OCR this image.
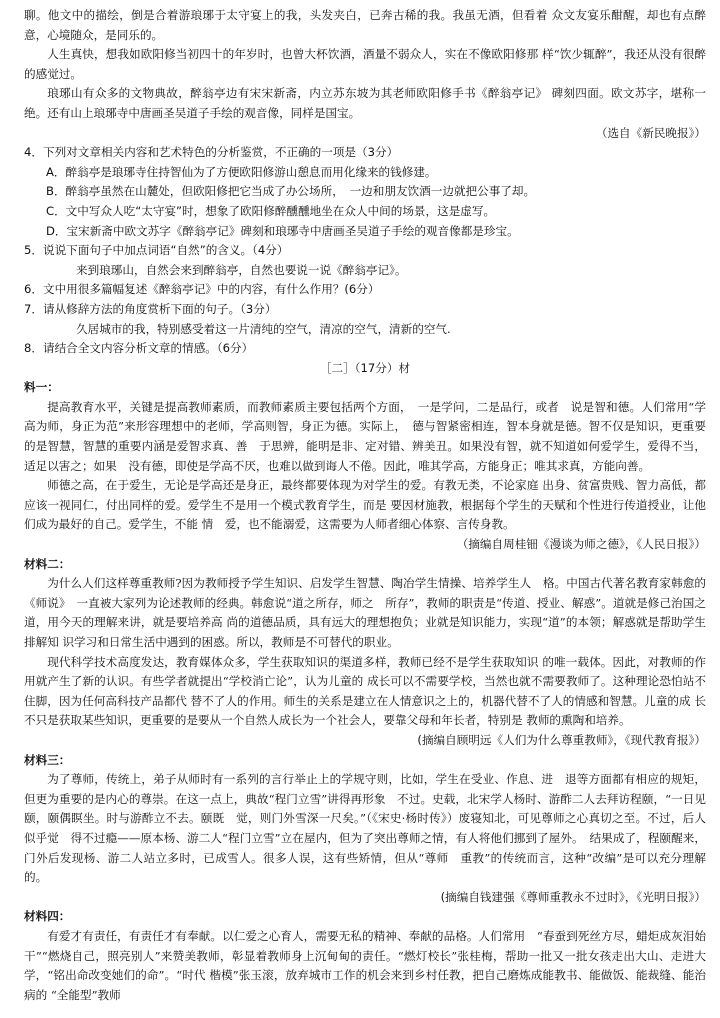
聊。他文中的描绘，倒是合着游琅琊于太守宴上的我，头发夹白，已奔古稀的我。我虽无酒，但看着 众文友宴乐酣醒，却也有点醉意，心境随众，是同乐的。

人生真快，想我如欧阳修当初四十的年岁时，也曾大杯饮酒，酒量不弱众人，实在不像欧阳修那 样“饮少辄醉”，我还从没有很醉的感觉过。

琅琊山有众多的文物典故，醉翁亭边有宋宋新斋，内立苏东坡为其老师欧阳修手书《醉翁亭记》 碑刻四面。欧文苏字，堪称一绝。还有山上琅琊寺中唐画圣吴道子手绘的观音像，同样是国宝。

（选自《新民晚报》）

4．下列对文章相关内容和艺术特色的分析鉴赏，不正确的一项是（3分）

A．醉翁亭是琅琊寺住持智仙为了方便欧阳修游山憩息而用化缘来的钱修建。

B．醉翁亭虽然在山麓处，但欧阳修把它当成了办公场所，　一边和朋友饮酒一边就把公事了却。

C．文中写众人吃“太守宴”时，想象了欧阳修醉醺醺地坐在众人中间的场景，这是虚写。

D．宝宋新斋中欧文苏字《醉翁亭记》碑刻和琅琊寺中唐画圣吴道子手绘的观音像都是珍宝。

5．说说下面句子中加点词语“自然”的含义。（4分）

来到琅琊山，自然会来到醉翁亭，自然也要说一说《醉翁亭记》。

6．文中用很多篇幅复述《醉翁亭记》中的内容，有什么作用？(6分）

7．请从修辞方法的角度赏析下面的句子。（3分）

久居城市的我，特别感受着这一片清纯的空气，清凉的空气，清新的空气.

8．请结合全文内容分析文章的情感。（6分）

［二］（17分）材

料一：

提高教育水平，关键是提高教师素质，而教师素质主要包括两个方面，　一是学问，二是品行，或者　说是智和德。人们常用“学高为师，身正为范”来形容理想中的老师，学高则智，身正为德。实际上，　德与智紧密相连，智本身就是德。智不仅是知识，更重要的是智慧，智慧的重要内涵是爱智求真、善　于思辨，能明是非、定对错、辨美丑。如果没有智，就不知道如何爱学生，爱得不当，适足以害之；如果　没有德，即使是学高不厌，也难以做到诲人不倦。因此，唯其学高，方能身正；唯其求真，方能向善。

师德之高，在于爱生，无论是学高还是身正，最终都要体现为对学生的爱。有教无类，不论家庭 出身、贫富贵贱、智力高低，都应该一视同仁，付出同样的爱。爱学生不是用一个模式教育学生，而是 要因材施教，根据每个学生的天赋和个性进行传道授业，让他们成为最好的自己。爱学生，不能 情　爱，也不能溺爱，这需要为人师者细心体察、言传身教。

（摘编自周桂钿《漫谈为师之德》，《人民日报》）

材料二：

为什么人们这样尊重教师?因为教师授予学生知识、启发学生智慧、陶冶学生情操、培养学生人　格。中国古代著名教育家韩愈的《师说》　一直被大家列为论述教师的经典。韩愈说“道之所存，师之　所存”，教师的职责是“传道、授业、解惑”。道就是修己治国之道，用今天的理解来讲，就是要培养高 尚的道德品质，具有远大的理想抱负；业就是知识能力，实现“道”的本领；解惑就是帮助学生排解知 识学习和日常生活中遇到的困惑。所以，教师是不可替代的职业。

现代科学技术高度发达，教育媒体众多，学生获取知识的渠道多样，教师已经不是学生获取知识 的唯一载体。因此，对教师的作用就产生了新的认识。有些学者就提出“学校消亡论”，认为儿童的 成长可以不需要学校，当然也就不需要教师了。这种理论恐怕站不住脚，因为任何高科技产品都代 替不了人的作用。师生的关系是建立在人情意识之上的，机器代替不了人的情感和智慧。儿童的成 长不只是获取某些知识，更重要的是要从一个自然人成长为一个社会人，要靠父母和年长者，特别是 教师的熏陶和培养。

(摘编自顾明远《人们为什么尊重教师》，《现代教育报》）

材料三：

为了尊师，传统上，弟子从师时有一系列的言行举止上的学规守则，比如，学生在受业、作息、进　退等方面都有相应的规矩，但更为重要的是内心的尊崇。在这一点上，典故“程门立雪”讲得再形象　不过。史载，北宋学人杨时、游酢二人去拜访程颐，“一日见颐，颐偶瞑坐。时与游酢立不去。颐既　觉，则门外雪深一尺矣。”（《宋史·杨时传》）废寝知北，可见尊师之心真切之至。不过，后人似乎觉　得不过瘾——原本杨、游二人“程门立雪”立在屋内，但为了突出尊师之情，有人将他们挪到了屋外。　结果成了，程颐醒来，门外后发现杨、游二人站立多时，已成雪人。很多人误，这有些矫情，但从“尊师　重教”的传统而言，这种“改编”是可以充分理解的。

(摘编自钱建强《尊师重教永不过时》，《光明日报》）

材料四：

有爱才有责任，有责任才有奉献。以仁爱之心育人，需要无私的精神、奉献的品格。人们常用　“春蚕到死丝方尽，蜡炬成灰泪始干”“燃烧自己，照亮别人”来赞美教师，彰显着教师身上沉甸甸的责任。“燃灯校长”张桂梅，帮助一批又一批女孩走出大山、走进大学，“铭出命改变她们的命”。“时代 楷模”张玉滚，放弃城市工作的机会来到乡村任教，把自己磨炼成能教书、能做饭、能裁缝、能治病的 “全能型”教师
